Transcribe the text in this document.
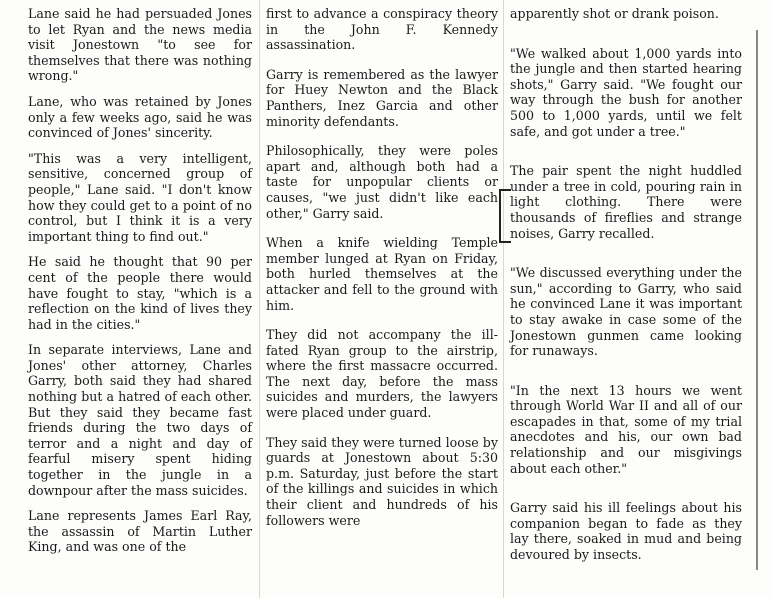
Lane said he had persuaded Jones to let Ryan and the news media visit Jonestown "to see for themselves that there was nothing wrong."

Lane, who was retained by Jones only a few weeks ago, said he was convinced of Jones' sincerity.

"This was a very intelligent, sensitive, concerned group of people," Lane said. "I don't know how they could get to a point of no control, but I think it is a very important thing to find out."

He said he thought that 90 per cent of the people there would have fought to stay, "which is a reflection on the kind of lives they had in the cities."

In separate interviews, Lane and Jones' other attorney, Charles Garry, both said they had shared nothing but a hatred of each other. But they said they became fast friends during the two days of terror and a night and day of fearful misery spent hiding together in the jungle in a downpour after the mass suicides.

Lane represents James Earl Ray, the assassin of Martin Luther King, and was one of the

first to advance a conspiracy theory in the John F. Kennedy assassination.

Garry is remembered as the lawyer for Huey Newton and the Black Panthers, Inez Garcia and other minority defendants.

Philosophically, they were poles apart and, although both had a taste for unpopular clients or causes, "we just didn't like each other," Garry said.

When a knife wielding Temple member lunged at Ryan on Friday, both hurled themselves at the attacker and fell to the ground with him.

They did not accompany the ill-fated Ryan group to the airstrip, where the first massacre occurred. The next day, before the mass suicides and murders, the lawyers were placed under guard.

They said they were turned loose by guards at Jonestown about 5:30 p.m. Saturday, just before the start of the killings and suicides in which their client and hundreds of his followers were

apparently shot or drank poison.

"We walked about 1,000 yards into the jungle and then started hearing shots," Garry said. "We fought our way through the bush for another 500 to 1,000 yards, until we felt safe, and got under a tree."

The pair spent the night huddled under a tree in cold, pouring rain in light clothing. There were thousands of fireflies and strange noises, Garry recalled.

"We discussed everything under the sun," according to Garry, who said he convinced Lane it was important to stay awake in case some of the Jonestown gunmen came looking for runaways.

"In the next 13 hours we went through World War II and all of our escapades in that, some of my trial anecdotes and his, our own bad relationship and our misgivings about each other."

Garry said his ill feelings about his companion began to fade as they lay there, soaked in mud and being devoured by insects.
